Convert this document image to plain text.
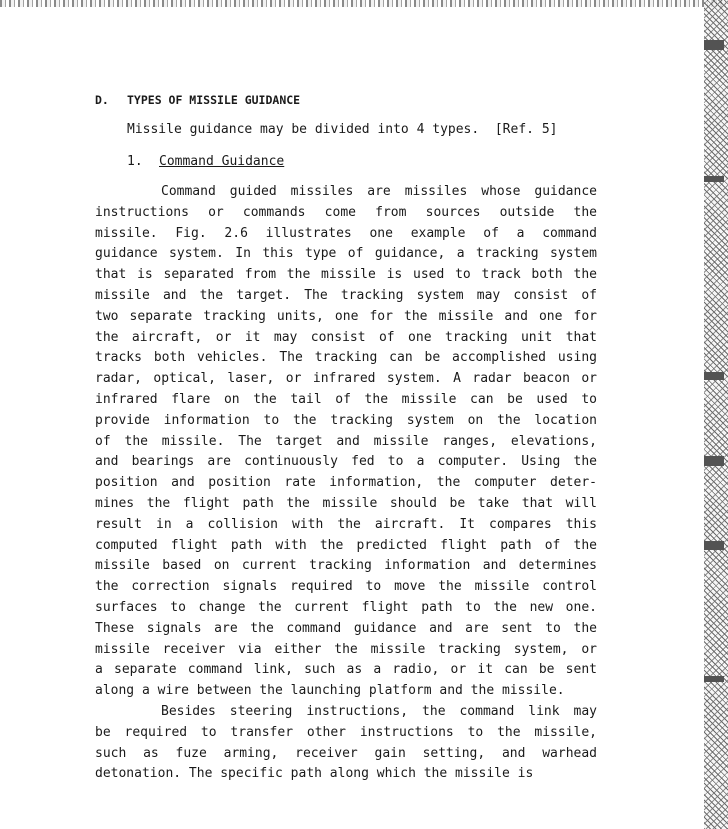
D. TYPES OF MISSILE GUIDANCE
Missile guidance may be divided into 4 types.  [Ref. 5]
1. Command Guidance
Command guided missiles are missiles whose guidance
instructions or commands come from sources outside the
missile. Fig. 2.6 illustrates one example of a command
guidance system. In this type of guidance, a tracking system
that is separated from the missile is used to track both the
missile and the target. The tracking system may consist of
two separate tracking units, one for the missile and one for
the aircraft, or it may consist of one tracking unit that
tracks both vehicles. The tracking can be accomplished using
radar, optical, laser, or infrared system. A radar beacon or
infrared flare on the tail of the missile can be used to
provide information to the tracking system on the location
of the missile. The target and missile ranges, elevations,
and bearings are continuously fed to a computer. Using the
position and position rate information, the computer deter-
mines the flight path the missile should be take that will
result in a collision with the aircraft. It compares this
computed flight path with the predicted flight path of the
missile based on current tracking information and determines
the correction signals required to move the missile control
surfaces to change the current flight path to the new one.
These signals are the command guidance and are sent to the
missile receiver via either the missile tracking system, or
a separate command link, such as a radio, or it can be sent
along a wire between the launching platform and the missile.
Besides steering instructions, the command link may
be required to transfer other instructions to the missile,
such as fuze arming, receiver gain setting, and warhead
detonation. The specific path along which the missile is
